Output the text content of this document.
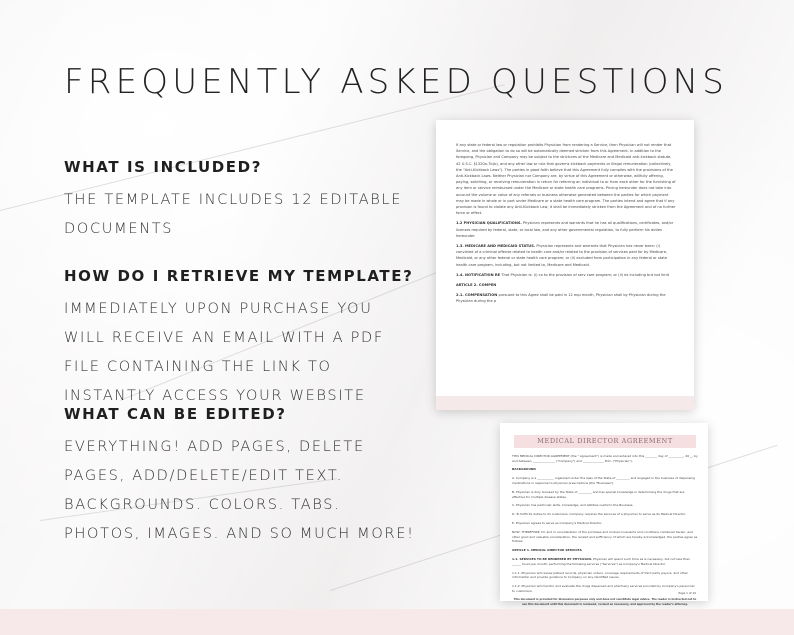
FREQUENTLY ASKED QUESTIONS

WHAT IS INCLUDED?

THE TEMPLATE INCLUDES 12 EDITABLE

DOCUMENTS

HOW DO I RETRIEVE MY TEMPLATE?

IMMEDIATELY UPON PURCHASE YOU

WILL RECEIVE AN EMAIL WITH A PDF

FILE CONTAINING THE LINK TO

INSTANTLY ACCESS YOUR WEBSITE

WHAT CAN BE EDITED?

EVERYTHING! ADD PAGES, DELETE

PAGES, ADD/DELETE/EDIT TEXT.

BACKGROUNDS. COLORS. TABS.

PHOTOS, IMAGES. AND SO MUCH MORE!

If any state or federal law or regulation prohibits Physician from rendering a Service, then Physician will not render that Service, and the obligation to do so will be automatically deemed stricken from this Agreement. In addition to the foregoing, Physician and Company may be subject to the strictures of the Medicare and Medicaid anti-kickback statute, 42 U.S.C. §1320a-7b(b), and any other law or rule that governs kickback payments or illegal remuneration (collectively, the "Anti-Kickback Laws"). The parties in good faith believe that this Agreement fully complies with the provisions of the Anti-Kickback Laws. Neither Physician nor Company are, by virtue of this Agreement or otherwise, willfully offering, paying, soliciting, or receiving remuneration in return for referring an individual to or from each other for the furnishing of any item or service reimbursed under the Medicare or state health care programs. Pricing hereunder does not take into account the volume or value of any referrals or business otherwise generated between the parties for which payment may be made in whole or in part under Medicare or a state health care program. The parties intend and agree that if any provision is found to violate any Anti-Kickback Law, it shall be immediately stricken from the Agreement and of no further force or effect.

1.2 PHYSICIAN QUALIFICATIONS. Physician represents and warrants that he has all qualifications, certificates, and/or licenses required by federal, state, or local law, and any other governmental regulation, to fully perform his duties hereunder.

1.3. MEDICARE AND MEDICAID STATUS. Physician represents and warrants that Physician has never been: (i) convicted of a criminal offense related to health care and/or related to the provision of services paid for by Medicare, Medicaid, or any other federal or state health care program; or (ii) excluded from participation in any federal or state health care program, including, but not limited to, Medicare and Medicaid.

1.4. NOTIFICATION RE That Physician is: (i) co to the provision of serv care program; or (ii) ex including but not limit

ARTICLE 2. COMPEN

2.1. COMPENSATION pursuant to this Agree shall be paid in 12 equ month, Physician shall by Physician during the Physician during the p

MEDICAL DIRECTOR AGREEMENT

THIS MEDICAL DIRECTOR AGREEMENT (the " Agreement") is made and entered into this ________ day of __________, 20__, by and between _______________ ("Company") and ______________ M.D. ("Physician").

BACKGROUND

A. Company is a ___________ organized under the laws of the State of _________ and engaged in the business of dispensing medications in response to physician prescriptions (the "Business").

B. Physician is duly licensed by the State of _________ and has special knowledge in determining the drugs that are effective for multiple disease states.

C. Physician has particular skills, knowledge, and abilities useful to the Business.

D. To fulfill its duties to its customers, Company requires the services of a physician to serve as its Medical Director.

E. Physician agrees to serve as Company's Medical Director.

NOW, THEREFORE, for and in consideration of the promises and mutual covenants and conditions contained herein, and other good and valuable consideration, the receipt and sufficiency of which are hereby acknowledged, the parties agree as follows:

ARTICLE 1. MEDICAL DIRECTOR SERVICES

1.1. SERVICES TO BE RENDERED BY PHYSICIAN. Physician will spend such time as is necessary, but not less than ______ hours per month, performing the following services ("Services") as Company's Medical Director.

1.1.1. Physician will review patient records, physician orders, coverage requirements of third party payors, and other information and provide guidance to Company on any identified issues.

1.1.2. Physician will monitor and evaluate the drugs dispensed and pharmacy services provided by Company's personnel to customers.

This document is provided for discussion purposes only and does not constitute legal advice. The reader is instructed not to use this document until this document is reviewed, revised as necessary, and approved by the reader's attorney.

Page 1 of 10
